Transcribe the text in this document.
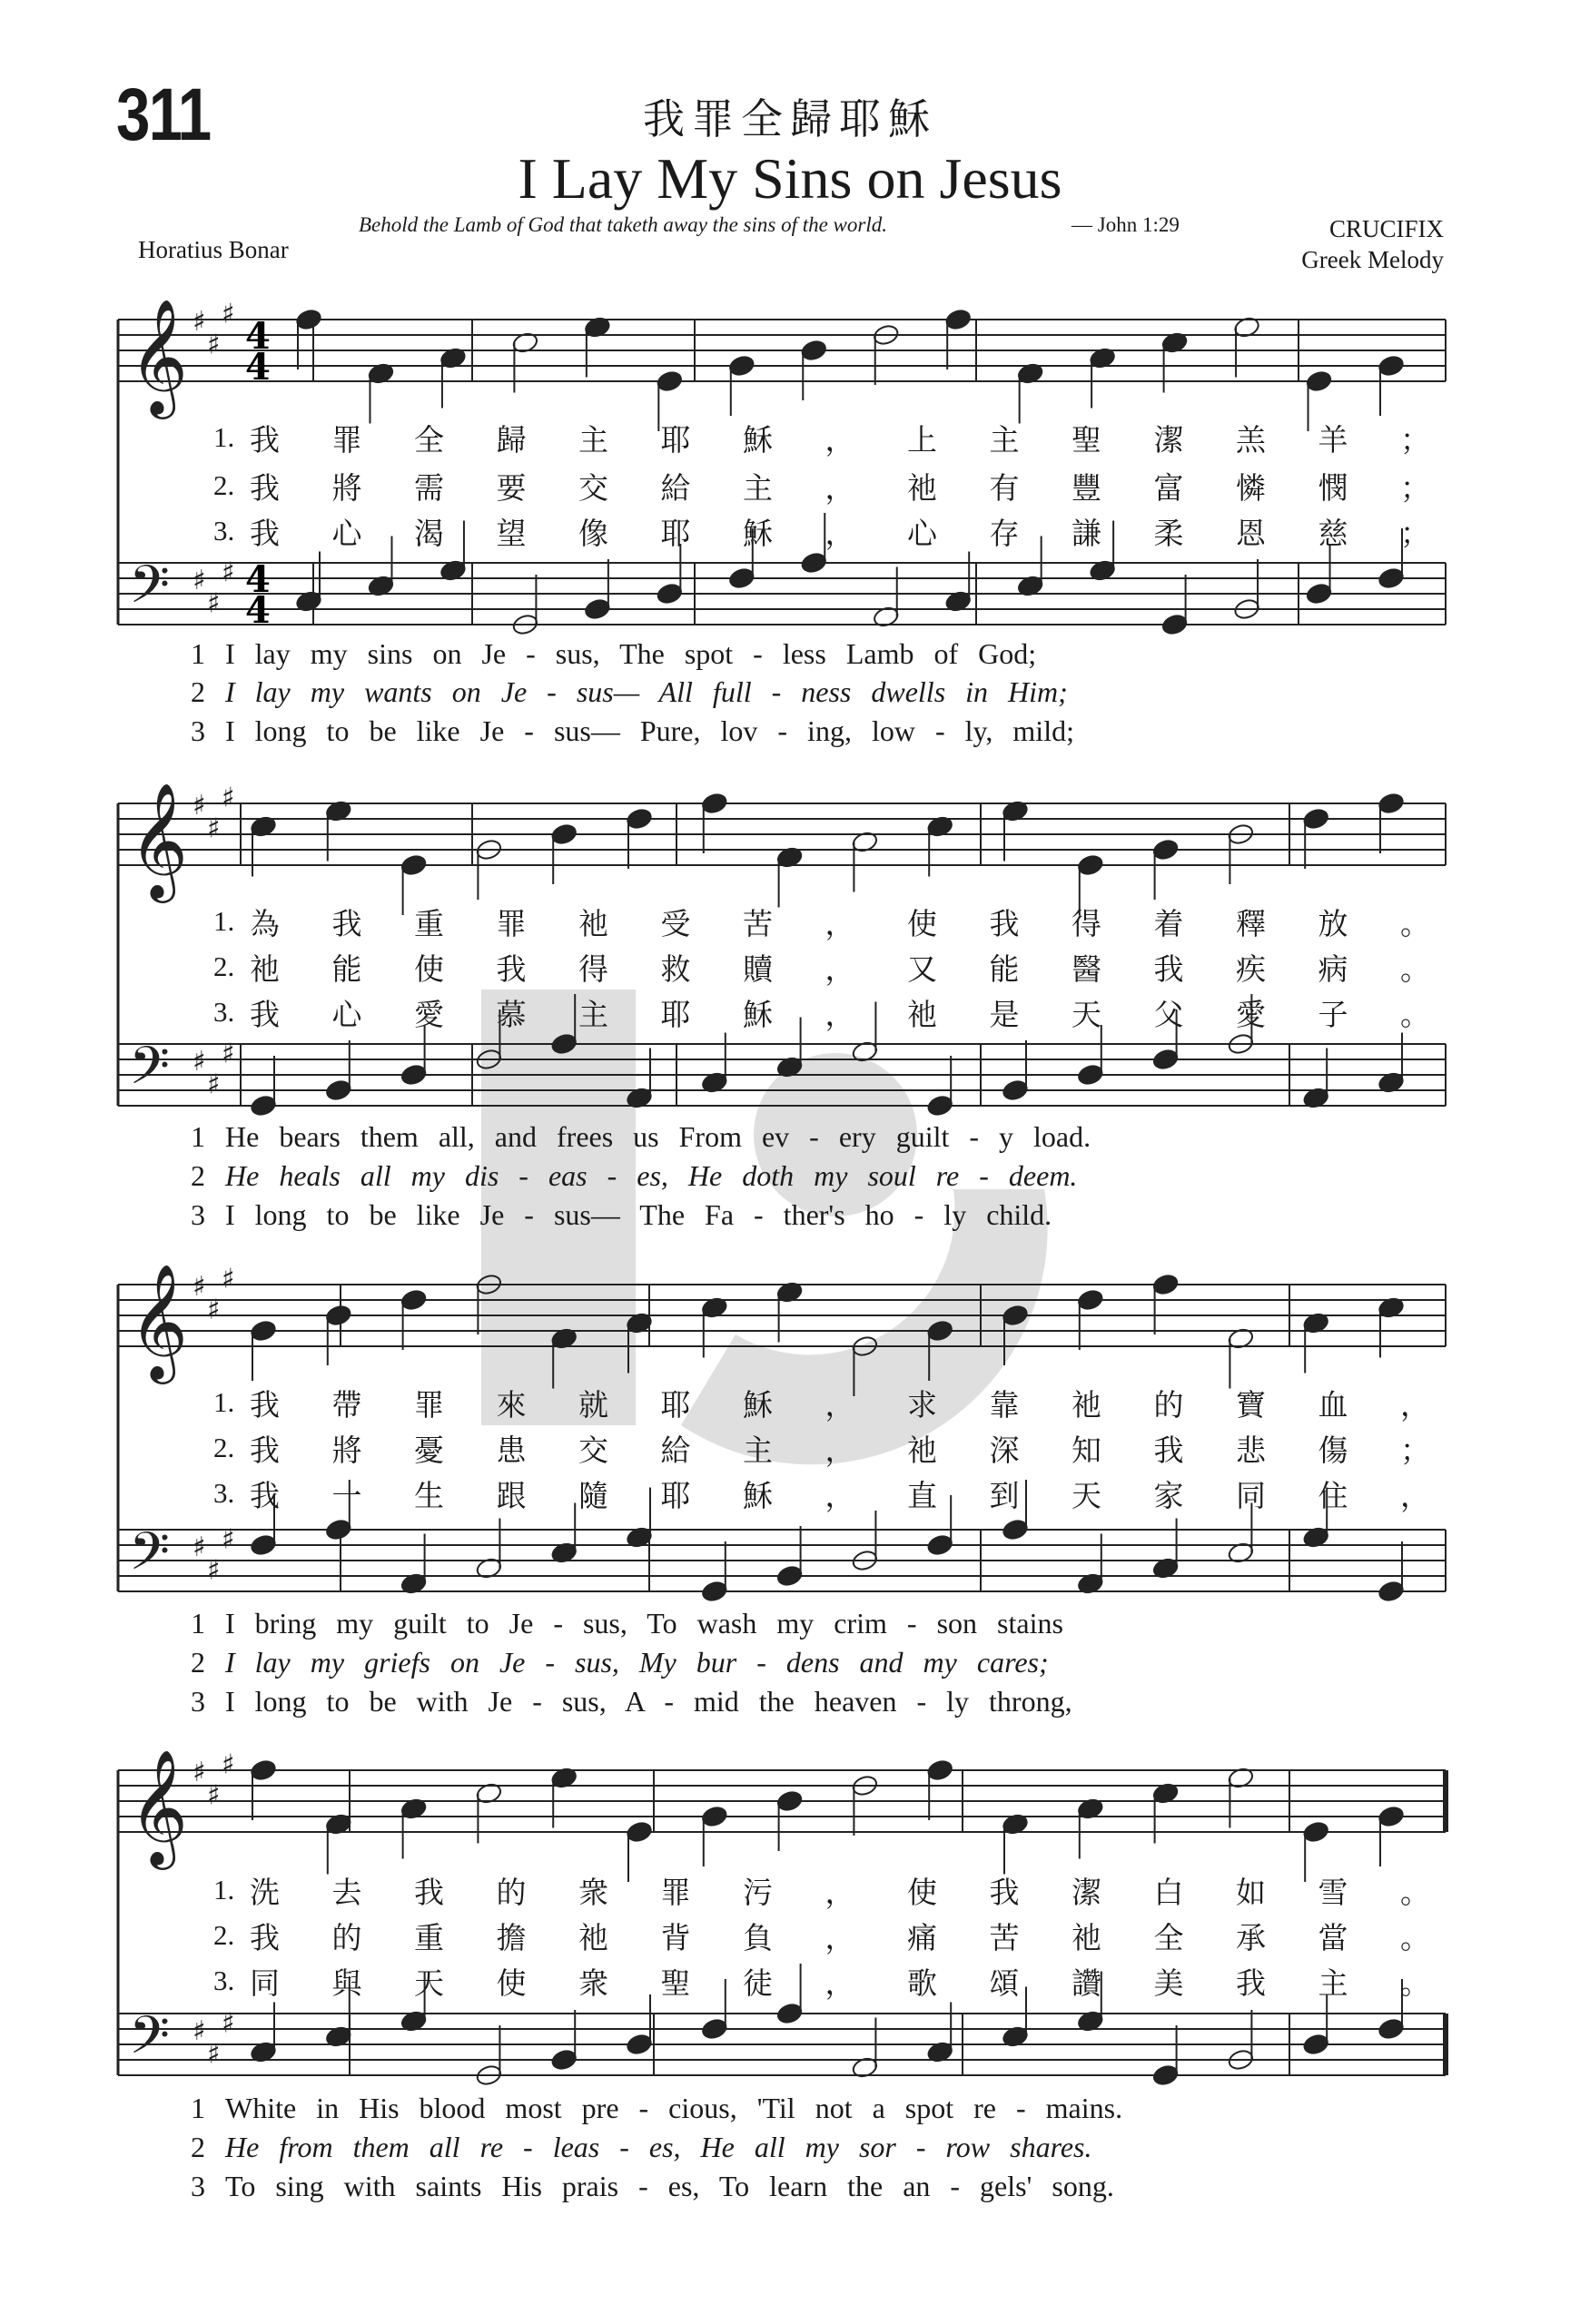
311	我罪全歸耶穌
I Lay My Sins on Jesus
Behold the Lamb of God that taketh away the sins of the world.	— John 1:29
Horatius Bonar
CRUCIFIX
Greek Melody
𝄞 ♯
♯
♯
4
4
𝄢 ♯
♯
♯ 4
4
𝄞 ♯
♯
♯
𝄢 ♯
♯
♯
𝄞 ♯
♯
♯
𝄢 ♯
♯
♯
𝄞 ♯
♯
♯
𝄢 ♯
♯
♯
1. 我 罪 全 歸 主 耶 穌 ， 上 主 聖 潔 羔 羊 ；
2. 我 將 需 要 交 給 主 ， 祂 有 豐 富 憐 憫 ；
3. 我 心 渴 望 像 耶 穌 ， 心 存 謙 柔 恩 慈 ；
1 I lay my sins on Je - sus, The spot - less Lamb of God;
2 I lay my wants on Je - sus— All full - ness dwells in Him;
3 I long to be like Je - sus— Pure, lov - ing, low - ly, mild;
1. 為 我 重 罪 祂 受 苦 ， 使 我 得 着 釋 放 。
2. 祂 能 使 我 得 救 贖 ， 又 能 醫 我 疾 病 。
3. 我 心 愛 慕 主 耶 穌 ， 祂 是 天 父 愛 子 。
1 He bears them all, and frees us From ev - ery guilt - y load.
2 He heals all my dis - eas - es, He doth my soul re - deem.
3 I long to be like Je - sus— The Fa - ther's ho - ly child.
1. 我 帶 罪 來 就 耶 穌 ， 求 靠 祂 的 寶 血 ，
2. 我 將 憂 患 交 給 主 ， 祂 深 知 我 悲 傷 ；
3. 我 一 生 跟 隨 耶 穌 ， 直 到 天 家 同 住 ，
1 I bring my guilt to Je - sus, To wash my crim - son stains
2 I lay my griefs on Je - sus, My bur - dens and my cares;
3 I long to be with Je - sus, A - mid the heaven - ly throng,
1. 洗 去 我 的 衆 罪 污 ， 使 我 潔 白 如 雪 。
2. 我 的 重 擔 祂 背 負 ， 痛 苦 祂 全 承 當 。
3. 同 與 天 使 衆 聖 徒 ， 歌 頌 讚 美 我 主 。
1 White in His blood most pre - cious, 'Til not a spot re - mains.
2 He from them all re - leas - es, He all my sor - row shares.
3 To sing with saints His prais - es, To learn the an - gels' song.
